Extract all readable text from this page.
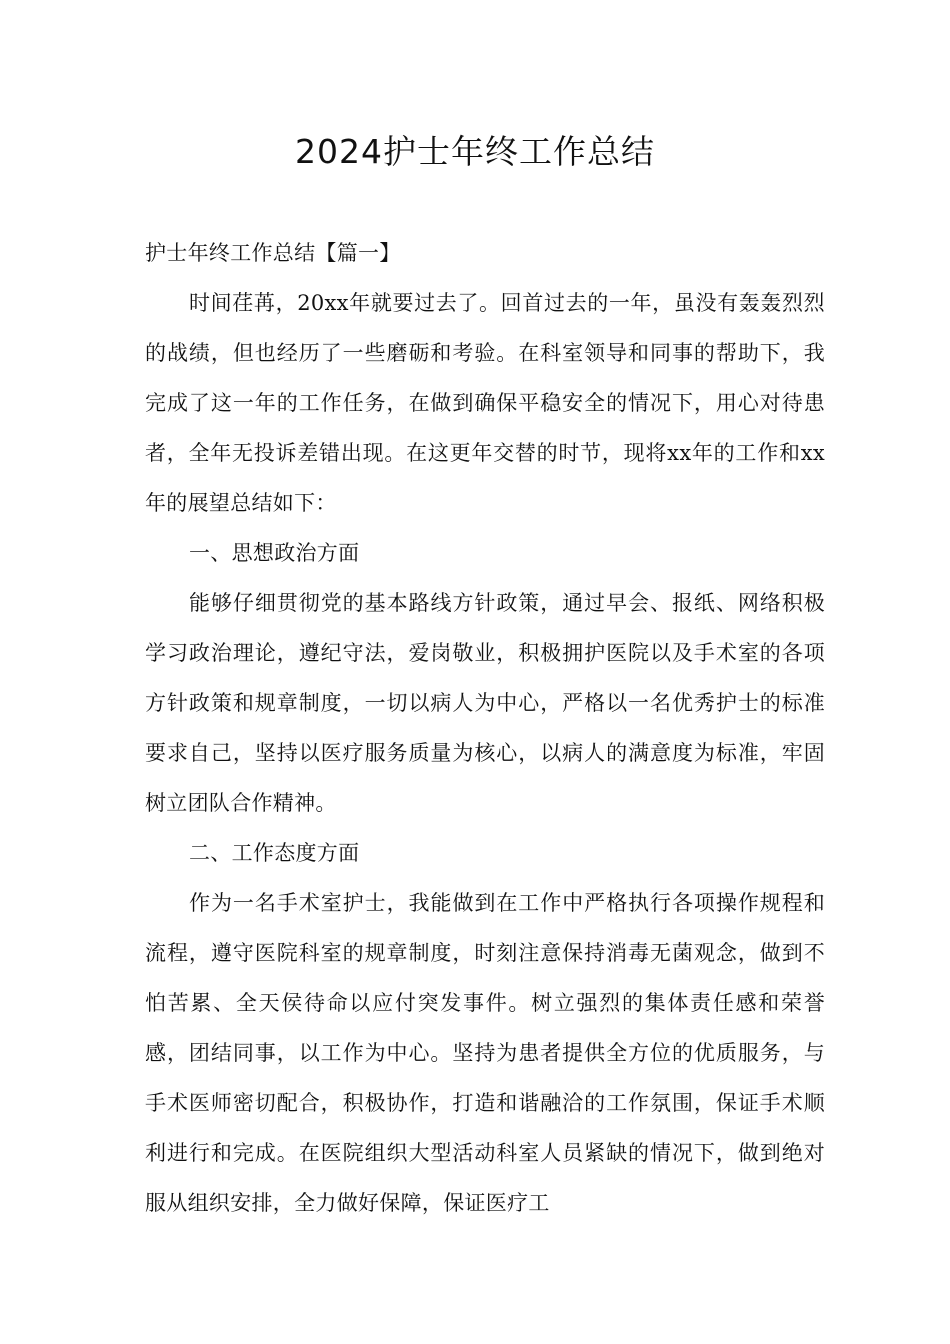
2024护士年终工作总结

护士年终工作总结【篇一】

时间荏苒，20xx年就要过去了。回首过去的一年，虽没有轰轰烈烈的战绩，但也经历了一些磨砺和考验。在科室领导和同事的帮助下，我完成了这一年的工作任务，在做到确保平稳安全的情况下，用心对待患者，全年无投诉差错出现。在这更年交替的时节，现将xx年的工作和xx年的展望总结如下：

一、思想政治方面

能够仔细贯彻党的基本路线方针政策，通过早会、报纸、网络积极学习政治理论，遵纪守法，爱岗敬业，积极拥护医院以及手术室的各项方针政策和规章制度，一切以病人为中心，严格以一名优秀护士的标准要求自己，坚持以医疗服务质量为核心，以病人的满意度为标准，牢固树立团队合作精神。

二、工作态度方面

作为一名手术室护士，我能做到在工作中严格执行各项操作规程和流程，遵守医院科室的规章制度，时刻注意保持消毒无菌观念，做到不怕苦累、全天侯待命以应付突发事件。树立强烈的集体责任感和荣誉感，团结同事，以工作为中心。坚持为患者提供全方位的优质服务，与手术医师密切配合，积极协作，打造和谐融洽的工作氛围，保证手术顺利进行和完成。在医院组织大型活动科室人员紧缺的情况下，做到绝对服从组织安排，全力做好保障，保证医疗工
